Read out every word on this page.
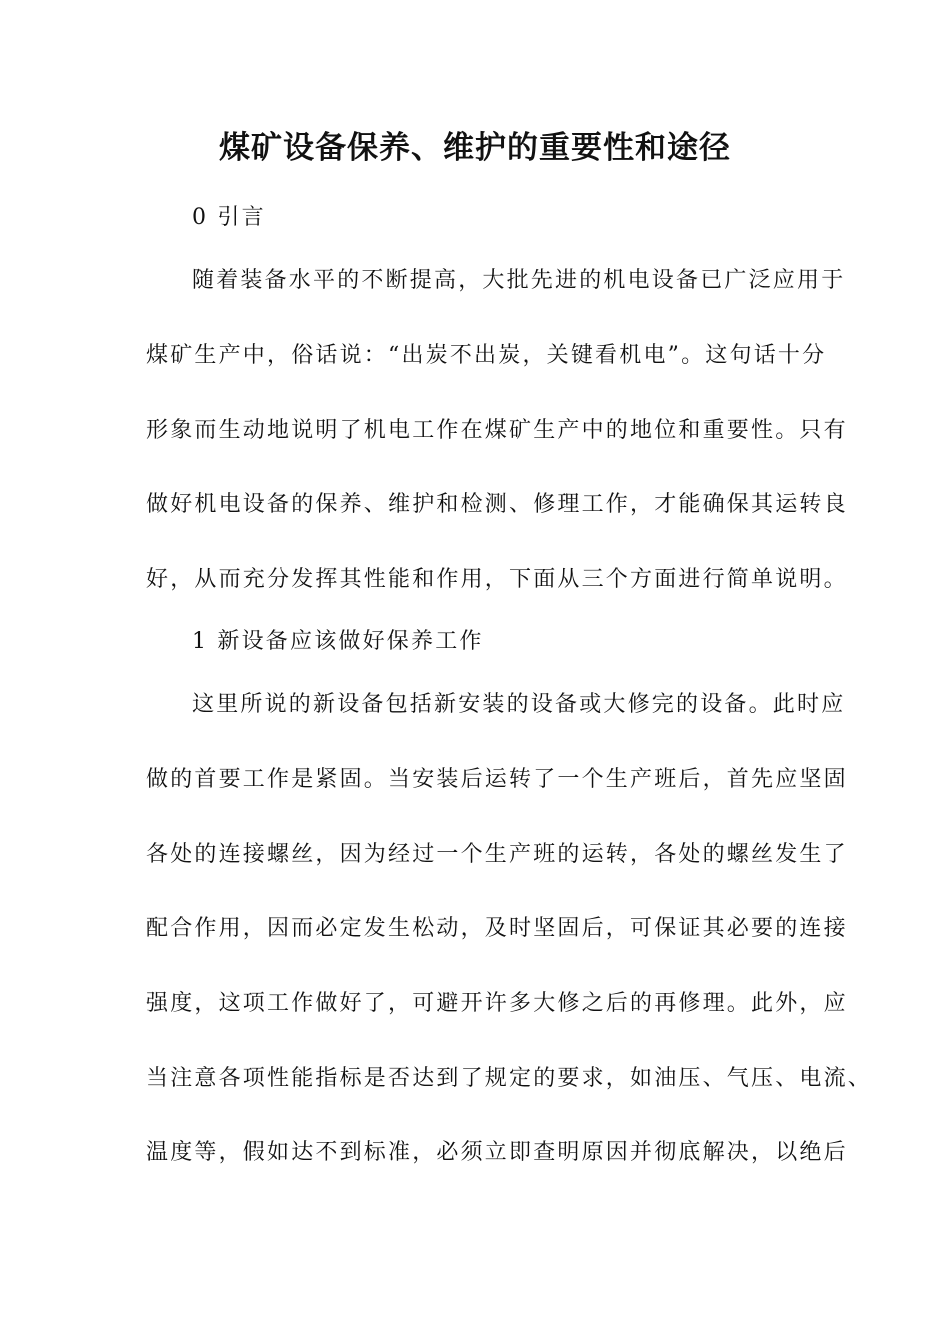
煤矿设备保养、维护的重要性和途径
0 引言
随着装备水平的不断提高，大批先进的机电设备已广泛应用于
煤矿生产中，俗话说：“出炭不出炭，关键看机电”。这句话十分
形象而生动地说明了机电工作在煤矿生产中的地位和重要性。只有
做好机电设备的保养、维护和检测、修理工作，才能确保其运转良
好，从而充分发挥其性能和作用，下面从三个方面进行简单说明。
1 新设备应该做好保养工作
这里所说的新设备包括新安装的设备或大修完的设备。此时应
做的首要工作是紧固。当安装后运转了一个生产班后，首先应坚固
各处的连接螺丝，因为经过一个生产班的运转，各处的螺丝发生了
配合作用，因而必定发生松动，及时坚固后，可保证其必要的连接
强度，这项工作做好了，可避开许多大修之后的再修理。此外，应
当注意各项性能指标是否达到了规定的要求，如油压、气压、电流、
温度等，假如达不到标准，必须立即查明原因并彻底解决，以绝后
